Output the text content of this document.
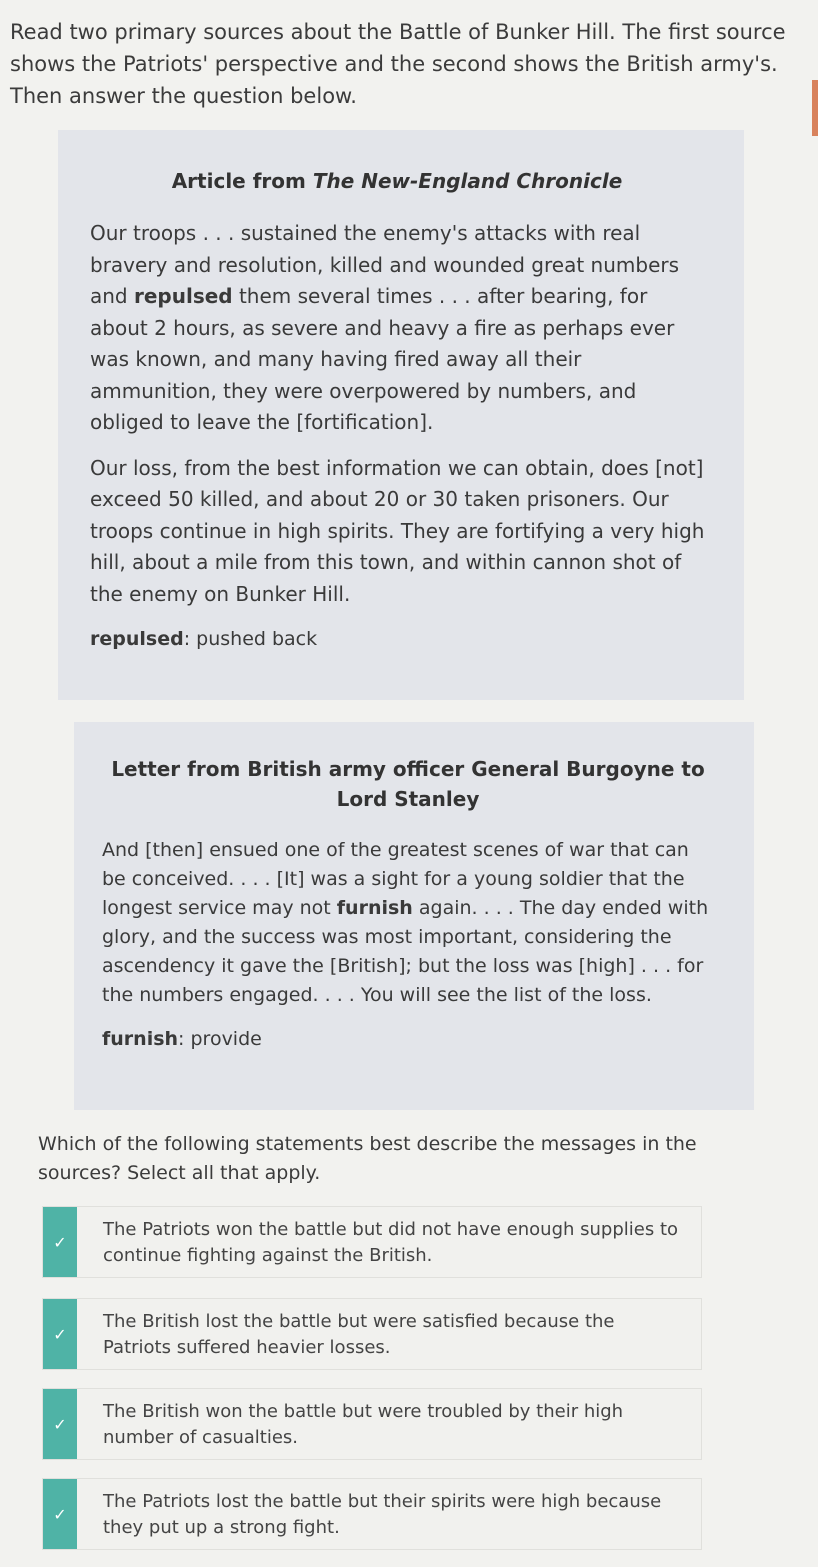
Read two primary sources about the Battle of Bunker Hill. The first source shows the Patriots' perspective and the second shows the British army's. Then answer the question below.
Article from The New-England Chronicle

Our troops . . . sustained the enemy's attacks with real bravery and resolution, killed and wounded great numbers and repulsed them several times . . . after bearing, for about 2 hours, as severe and heavy a fire as perhaps ever was known, and many having fired away all their ammunition, they were overpowered by numbers, and obliged to leave the [fortification].

Our loss, from the best information we can obtain, does [not] exceed 50 killed, and about 20 or 30 taken prisoners. Our troops continue in high spirits. They are fortifying a very high hill, about a mile from this town, and within cannon shot of the enemy on Bunker Hill.

repulsed: pushed back
Letter from British army officer General Burgoyne to Lord Stanley

And [then] ensued one of the greatest scenes of war that can be conceived. . . . [It] was a sight for a young soldier that the longest service may not furnish again. . . . The day ended with glory, and the success was most important, considering the ascendency it gave the [British]; but the loss was [high] . . . for the numbers engaged. . . . You will see the list of the loss.

furnish: provide
Which of the following statements best describe the messages in the sources? Select all that apply.
✓
The Patriots won the battle but did not have enough supplies to continue fighting against the British.
✓
The British lost the battle but were satisfied because the Patriots suffered heavier losses.
✓
The British won the battle but were troubled by their high number of casualties.
✓
The Patriots lost the battle but their spirits were high because they put up a strong fight.
